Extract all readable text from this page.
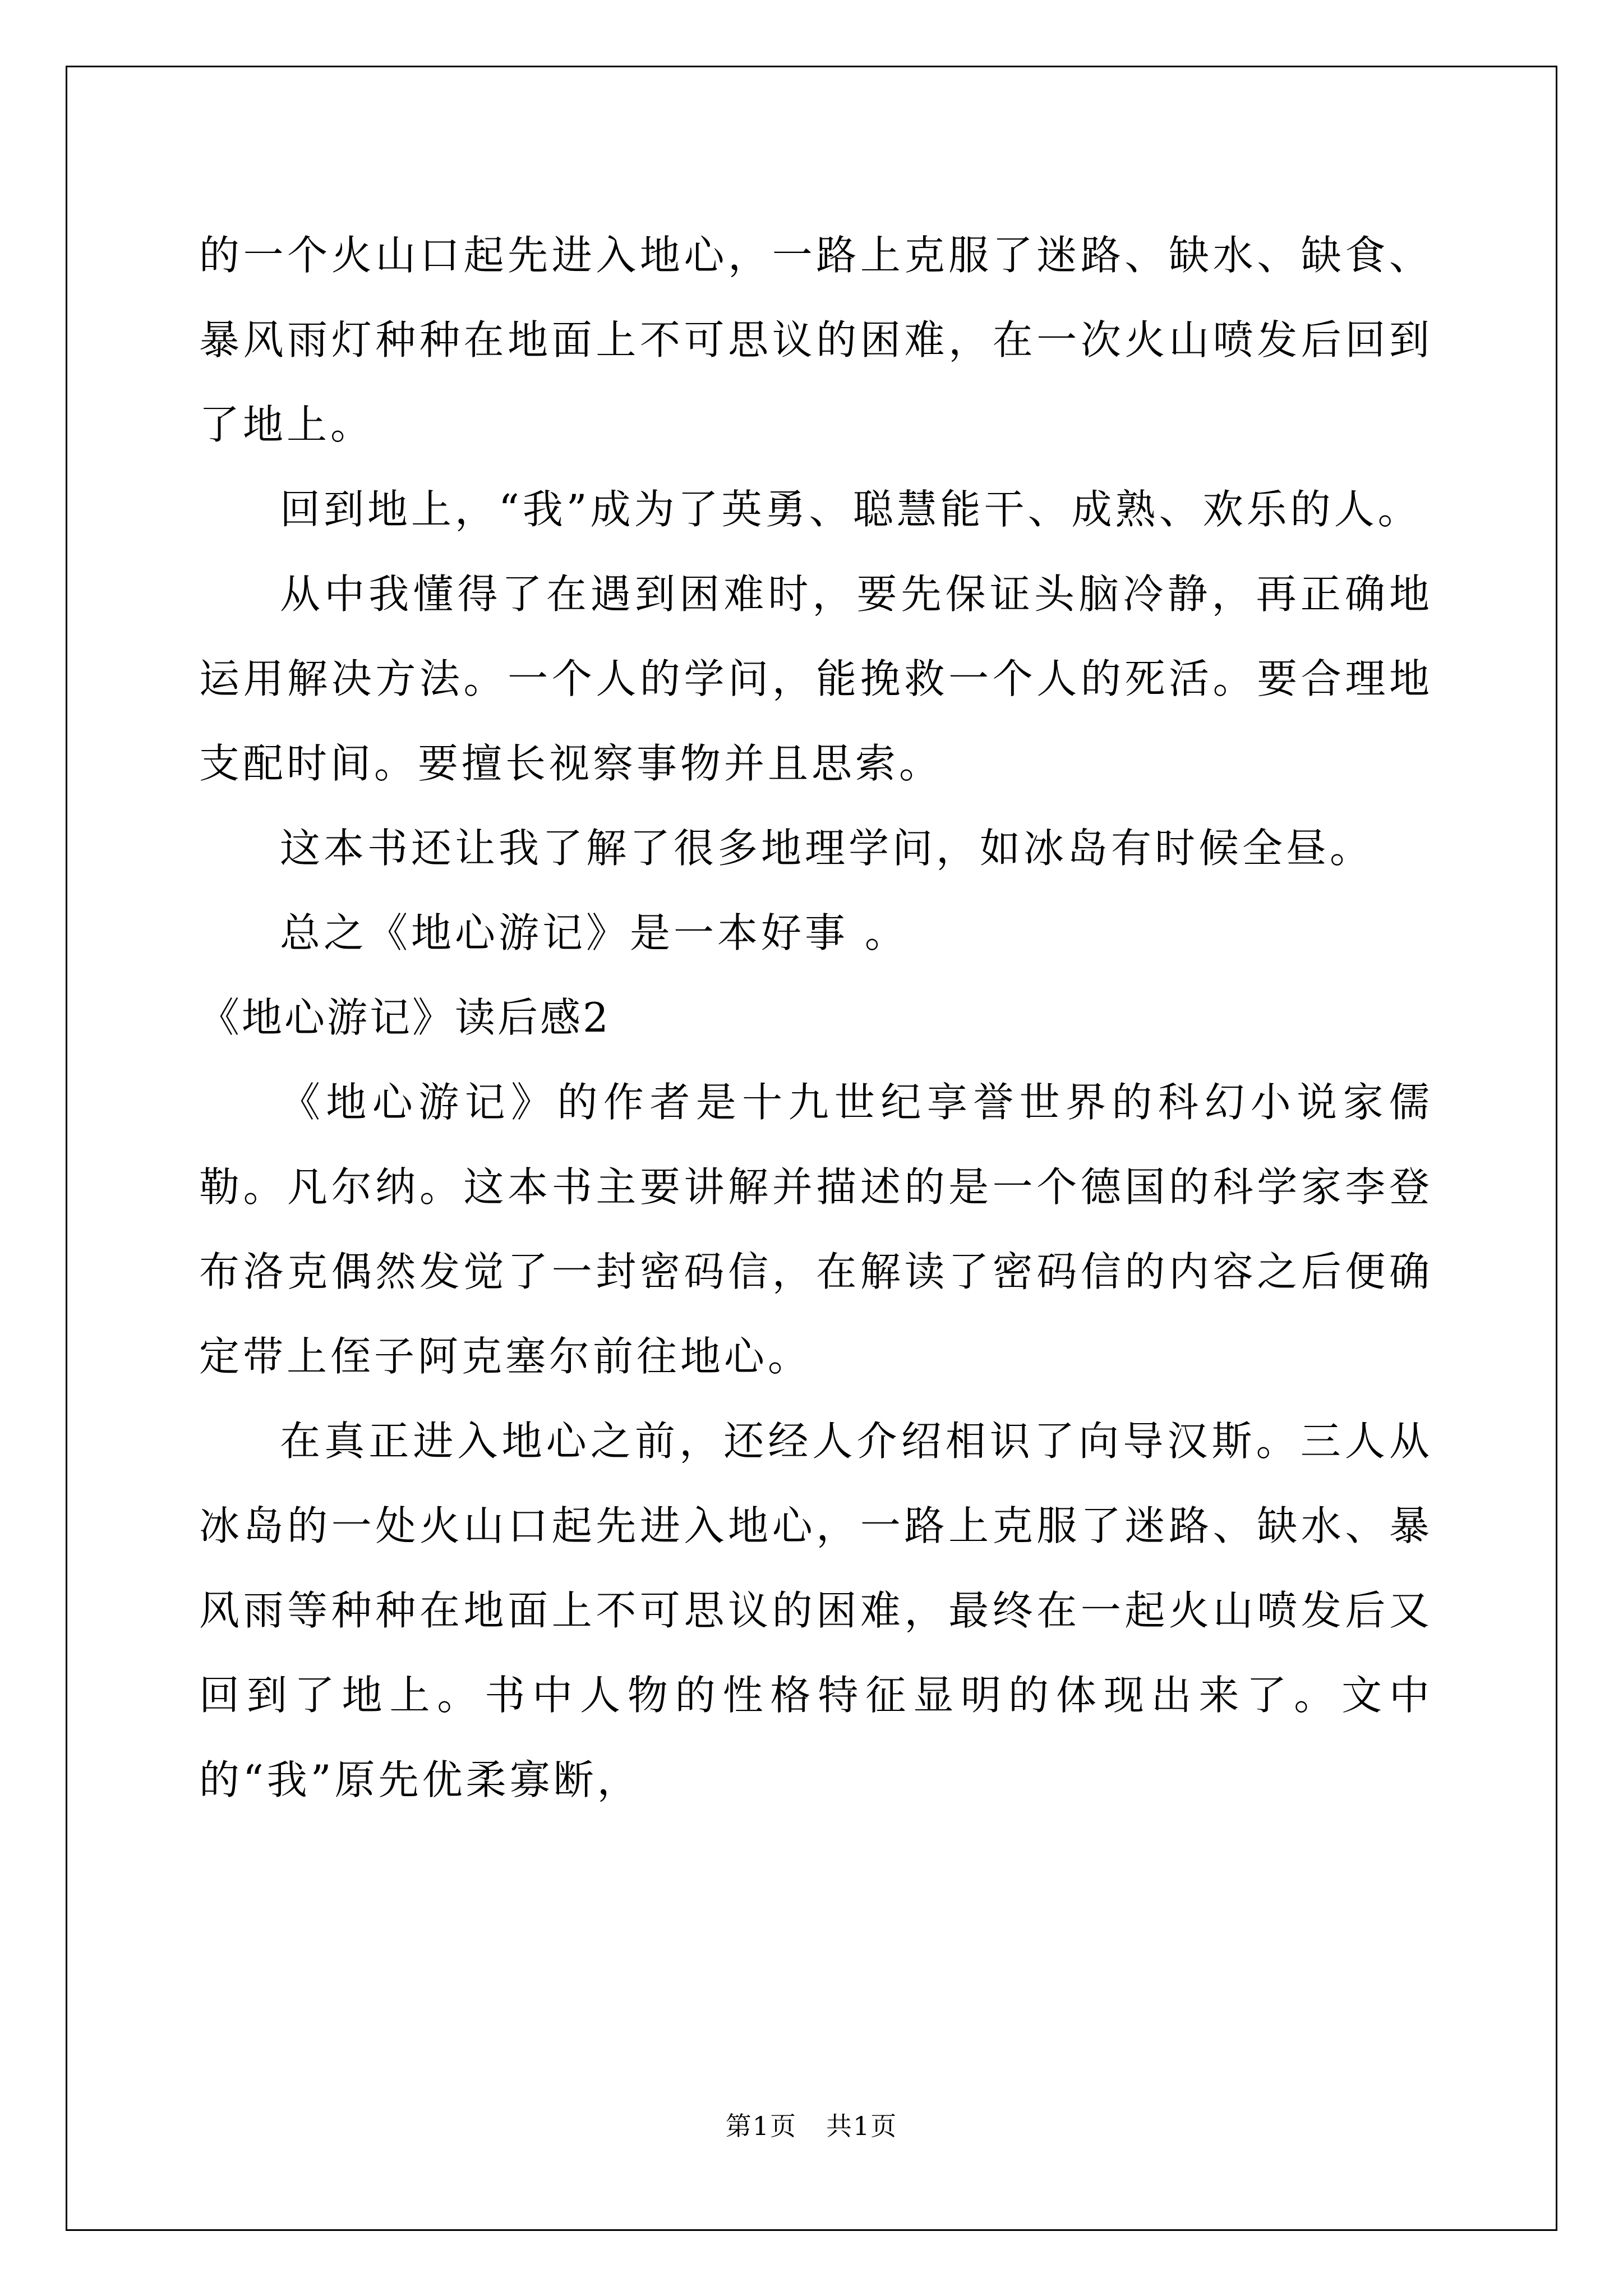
的一个火山口起先进入地心，一路上克服了迷路、缺水、缺食、暴风雨灯种种在地面上不可思议的困难，在一次火山喷发后回到了地上。

回到地上，“我”成为了英勇、聪慧能干、成熟、欢乐的人。

从中我懂得了在遇到困难时，要先保证头脑冷静，再正确地运用解决方法。一个人的学问，能挽救一个人的死活。要合理地支配时间。要擅长视察事物并且思索。

这本书还让我了解了很多地理学问，如冰岛有时候全昼。

总之《地心游记》是一本好事 。

《地心游记》读后感2

《地心游记》的作者是十九世纪享誉世界的科幻小说家儒勒。凡尔纳。这本书主要讲解并描述的是一个德国的科学家李登布洛克偶然发觉了一封密码信，在解读了密码信的内容之后便确定带上侄子阿克塞尔前往地心。

在真正进入地心之前，还经人介绍相识了向导汉斯。三人从冰岛的一处火山口起先进入地心，一路上克服了迷路、缺水、暴风雨等种种在地面上不可思议的困难，最终在一起火山喷发后又回到了地上。书中人物的性格特征显明的体现出来了。文中的“我”原先优柔寡断，

第1页 共1页
